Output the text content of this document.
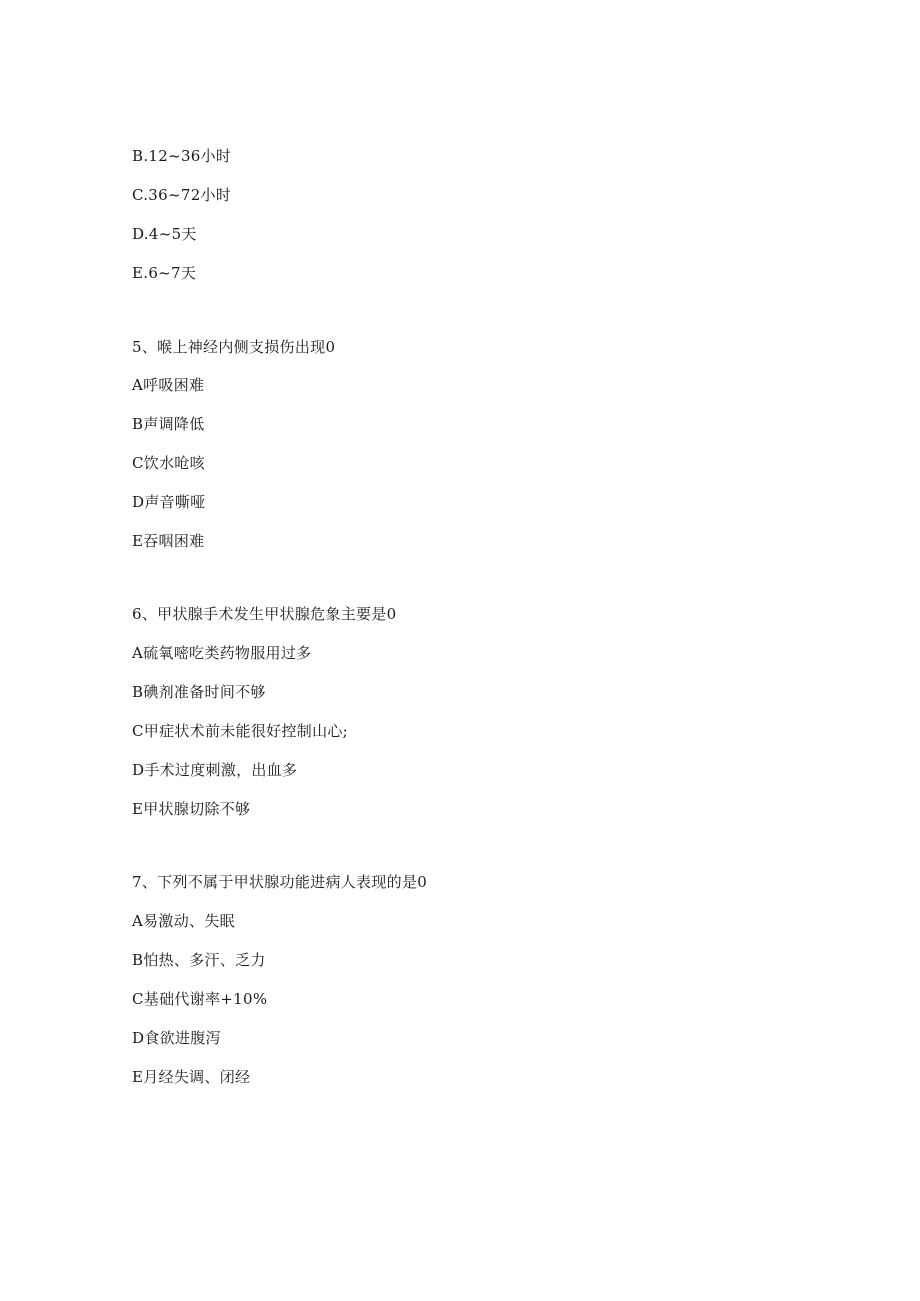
B.12~36小时
C.36~72小时
D.4~5天
E.6~7天
5、喉上神经内侧支损伤出现0
A呼吸困难
B声调降低
C饮水呛咳
D声音嘶哑
E吞咽困难
6、甲状腺手术发生甲状腺危象主要是0
A硫氧嘧吃类药物服用过多
B碘剂准备时间不够
C甲症状术前未能很好控制山心;
D手术过度刺激，出血多
E甲状腺切除不够
7、下列不属于甲状腺功能进病人表现的是0
A易激动、失眠
B怕热、多汗、乏力
C基础代谢率+10%
D食欲进腹泻
E月经失调、闭经
